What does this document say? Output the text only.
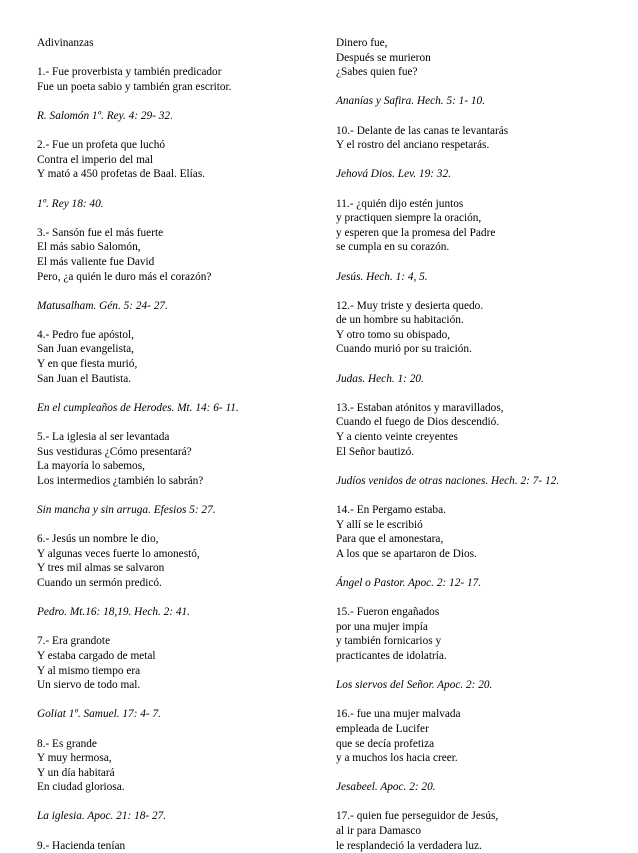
Adivinanzas
1.- Fue proverbista y también predicador
Fue un poeta sabio y también gran escritor.
R. Salomón 1º. Rey. 4: 29- 32.
2.- Fue un profeta que luchó
Contra el imperio del mal
Y mató a 450 profetas de Baal. Elías.
1º. Rey 18: 40.
3.- Sansón fue el más fuerte
El más sabio Salomón,
El más valiente fue David
Pero, ¿a quién le duro más el corazón?
Matusalham. Gén. 5: 24- 27.
4.- Pedro fue apóstol,
San Juan evangelista,
Y en que fiesta murió,
San Juan el Bautista.
En el cumpleaños de Herodes. Mt. 14: 6- 11.
5.- La iglesia al ser levantada
Sus vestiduras ¿Cómo presentará?
La mayoría lo sabemos,
Los intermedios ¿también lo sabrán?
Sin mancha y sin arruga. Efesios 5: 27.
6.- Jesús un nombre le dio,
Y algunas veces fuerte lo amonestó,
Y tres mil almas se salvaron
Cuando un sermón predicó.
Pedro. Mt.16: 18,19. Hech. 2: 41.
7.- Era grandote
Y estaba cargado de metal
Y al mismo tiempo era
Un siervo de todo mal.
Goliat 1º. Samuel. 17: 4- 7.
8.- Es grande
Y muy hermosa,
Y un día habitará
En ciudad gloriosa.
La iglesia. Apoc. 21: 18- 27.
9.- Hacienda tenían
Dinero fue,
Después se murieron
¿Sabes quien fue?
Ananías y Safira. Hech. 5: 1- 10.
10.- Delante de las canas te levantarás
Y el rostro del anciano respetarás.
Jehová Dios. Lev. 19: 32.
11.- ¿quién dijo estén juntos
y practiquen siempre la oración,
y esperen que la promesa del Padre
se cumpla en su corazón.
Jesús. Hech. 1: 4, 5.
12.- Muy triste y desierta quedo.
de un hombre su habitación.
Y otro tomo su obispado,
Cuando murió por su traición.
Judas. Hech. 1: 20.
13.- Estaban atónitos y maravillados,
Cuando el fuego de Dios descendió.
Y a ciento veinte creyentes
El Señor bautizó.
Judíos venidos de otras naciones. Hech. 2: 7- 12.
14.- En Pergamo estaba.
Y allí se le escribió
Para que el amonestara,
A los que se apartaron de Dios.
Ángel o Pastor. Apoc. 2: 12- 17.
15.- Fueron engañados
por una mujer impía
y también fornicarios y
practicantes de idolatría.
Los siervos del Señor. Apoc. 2: 20.
16.- fue una mujer malvada
empleada de Lucifer
que se decía profetiza
y a muchos los hacia creer.
Jesabeel. Apoc. 2: 20.
17.- quien fue perseguidor de Jesús,
al ir para Damasco
le resplandeció la verdadera luz.
